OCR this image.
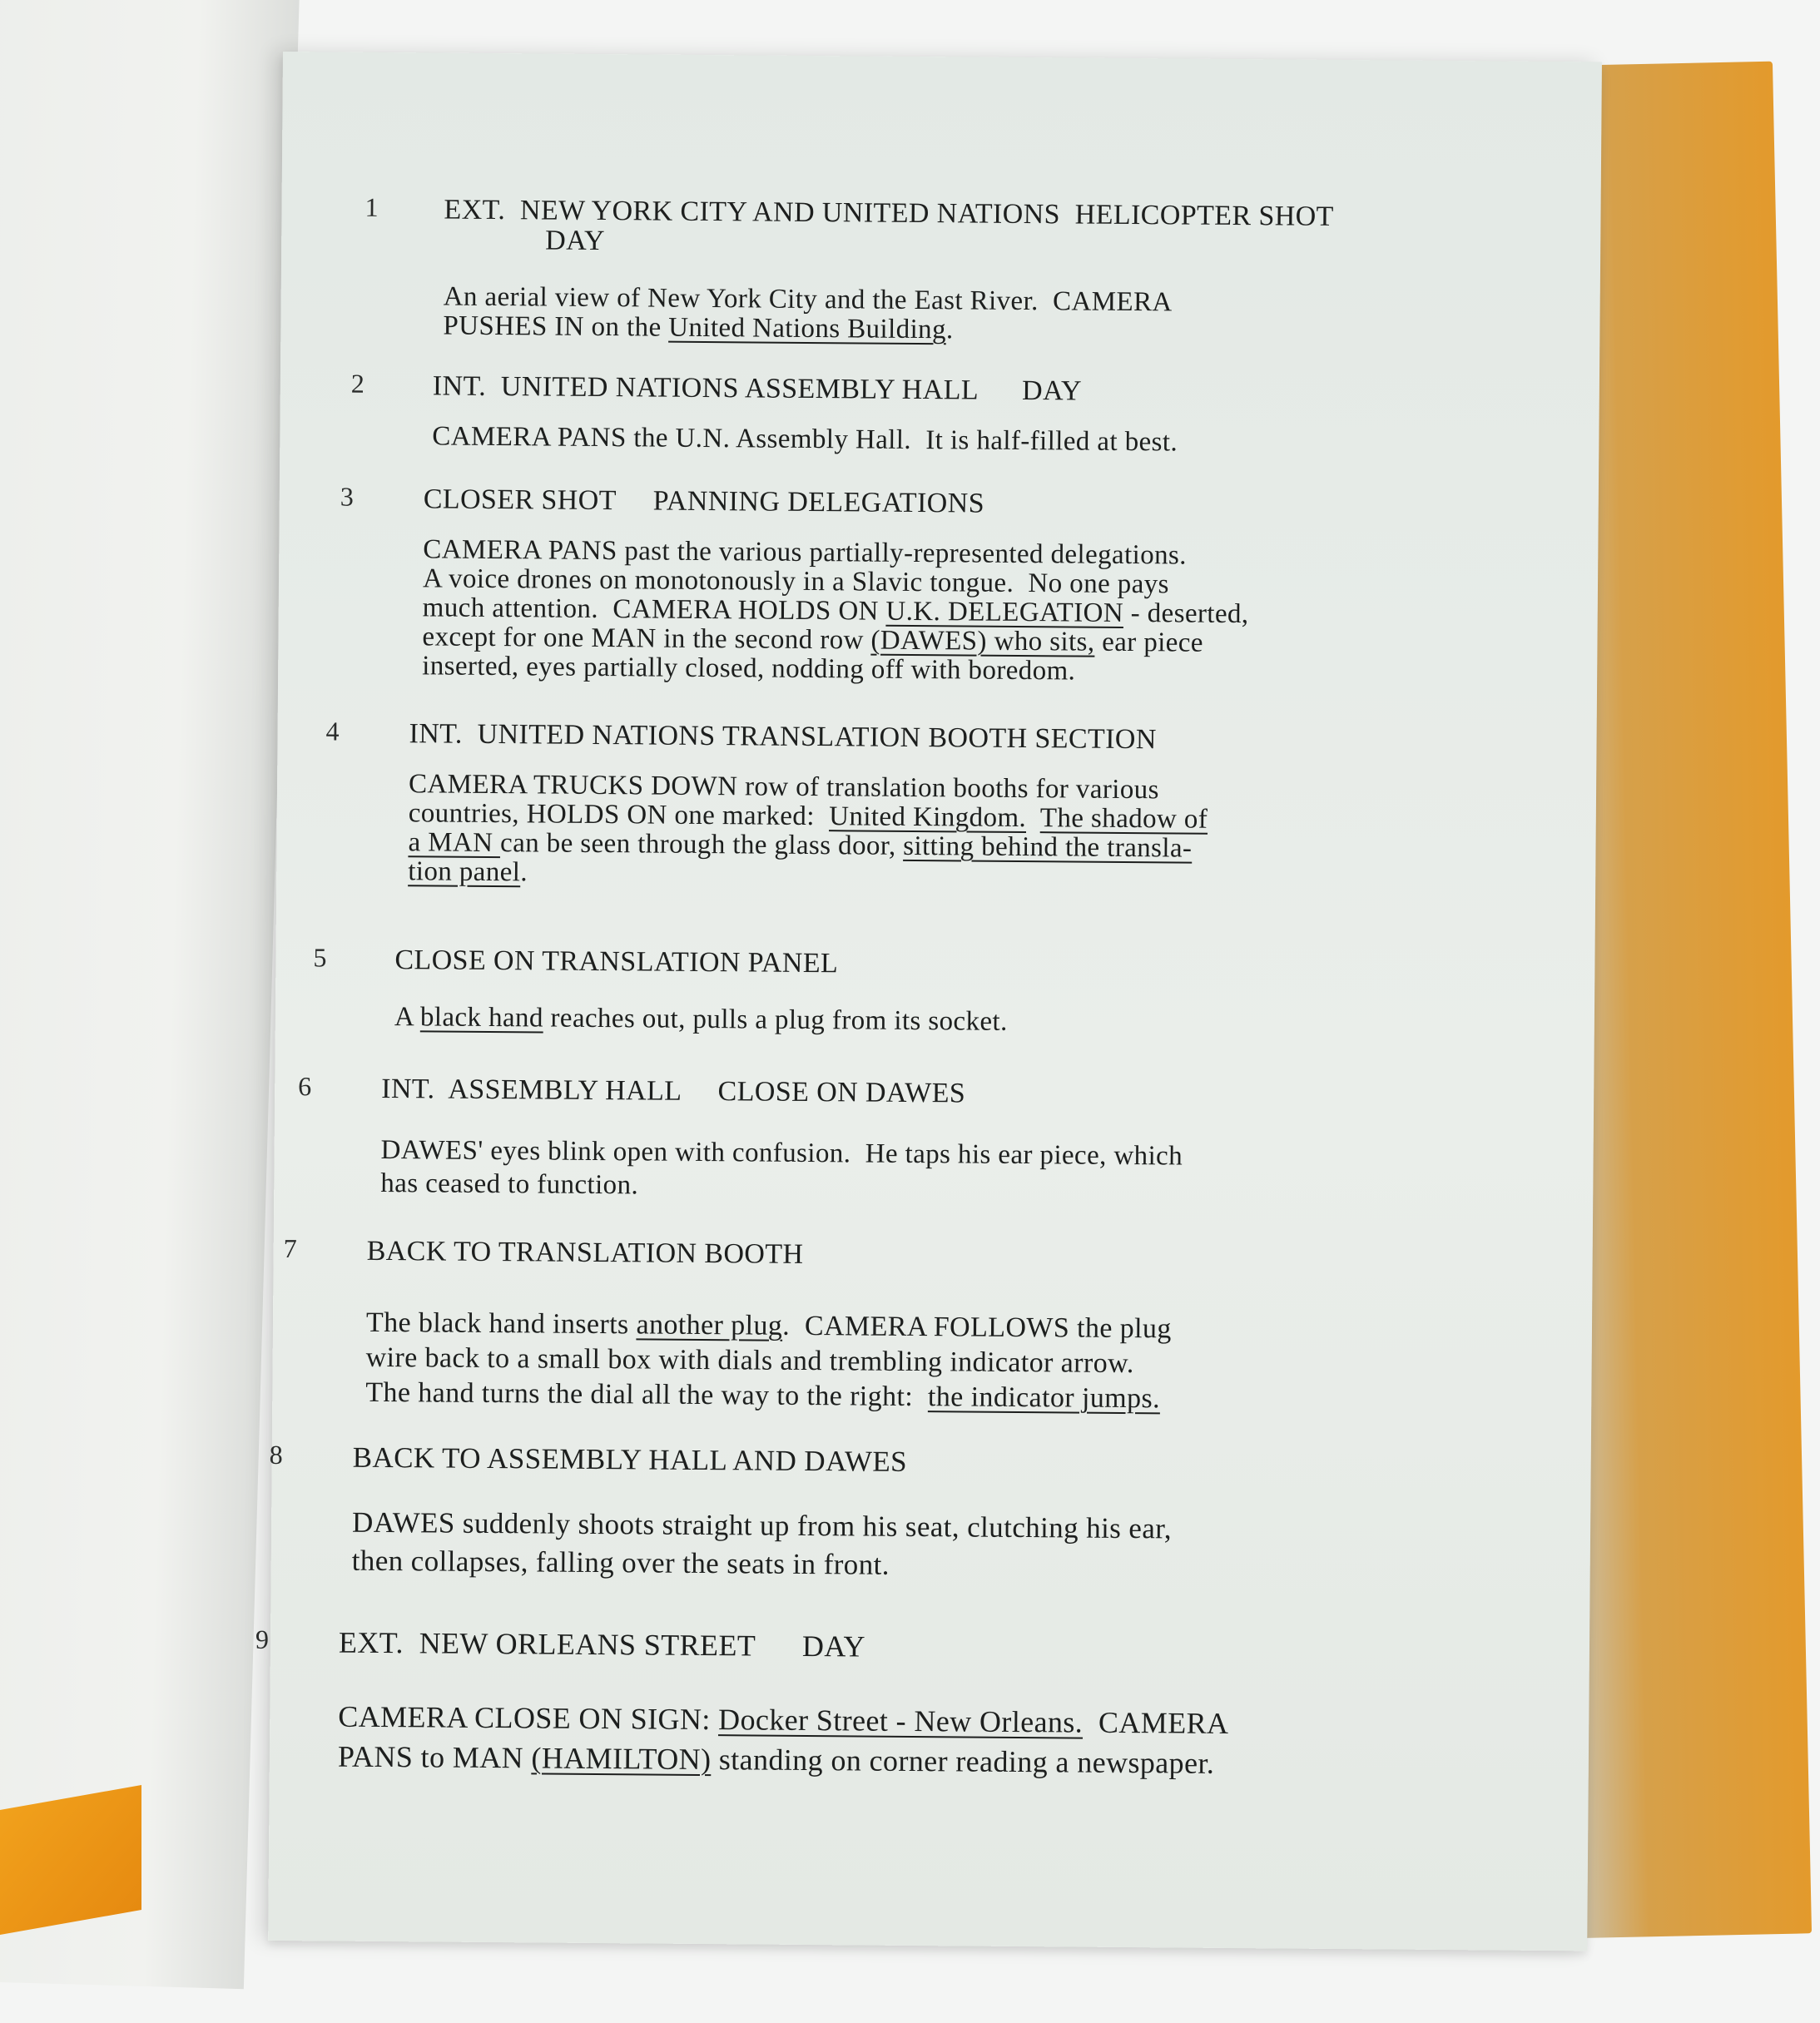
1 EXT.  NEW YORK CITY AND UNITED NATIONS  HELICOPTER SHOT
DAY
An aerial view of New York City and the East River.  CAMERA
PUSHES IN on the United Nations Building.
2 INT.  UNITED NATIONS ASSEMBLY HALL      DAY
CAMERA PANS the U.N. Assembly Hall.  It is half-filled at best.
3 CLOSER SHOT     PANNING DELEGATIONS
CAMERA PANS past the various partially-represented delegations.
A voice drones on monotonously in a Slavic tongue.  No one pays
much attention.  CAMERA HOLDS ON U.K. DELEGATION - deserted,
except for one MAN in the second row (DAWES) who sits, ear piece
inserted, eyes partially closed, nodding off with boredom.
4 INT.  UNITED NATIONS TRANSLATION BOOTH SECTION
CAMERA TRUCKS DOWN row of translation booths for various
countries, HOLDS ON one marked:  United Kingdom. The shadow of
a MAN can be seen through the glass door, sitting behind the transla-
tion panel.
5 CLOSE ON TRANSLATION PANEL
A black hand reaches out, pulls a plug from its socket.
6 INT.  ASSEMBLY HALL     CLOSE ON DAWES
DAWES' eyes blink open with confusion.  He taps his ear piece, which
has ceased to function.
7 BACK TO TRANSLATION BOOTH
The black hand inserts another plug.  CAMERA FOLLOWS the plug
wire back to a small box with dials and trembling indicator arrow.
The hand turns the dial all the way to the right:  the indicator jumps.
8 BACK TO ASSEMBLY HALL AND DAWES
DAWES suddenly shoots straight up from his seat, clutching his ear,
then collapses, falling over the seats in front.
9 EXT.  NEW ORLEANS STREET      DAY
CAMERA CLOSE ON SIGN: Docker Street - New Orleans.  CAMERA
PANS to MAN (HAMILTON) standing on corner reading a newspaper.
